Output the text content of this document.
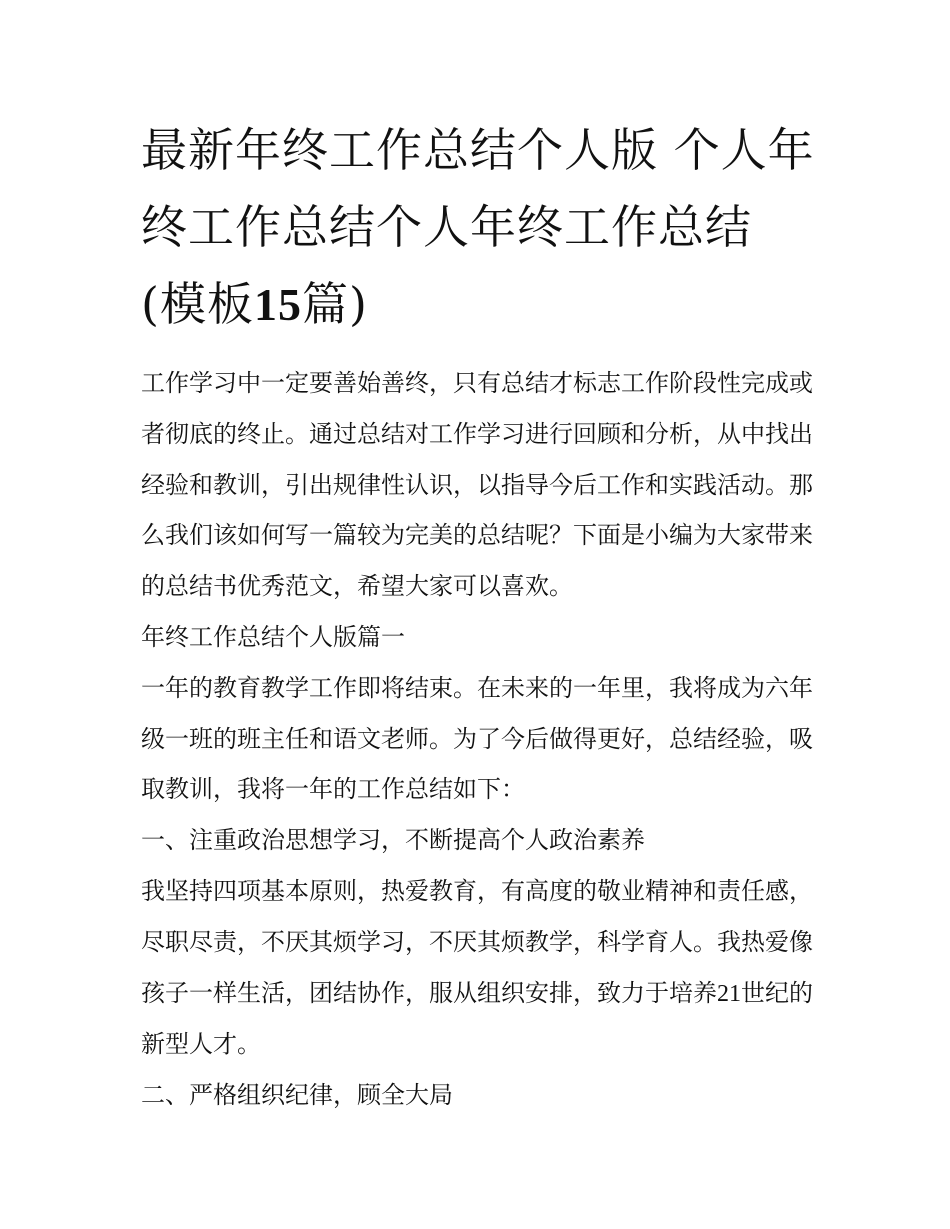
最新年终工作总结个人版 个人年终工作总结个人年终工作总结(模板15篇)

工作学习中一定要善始善终，只有总结才标志工作阶段性完成或者彻底的终止。通过总结对工作学习进行回顾和分析，从中找出经验和教训，引出规律性认识，以指导今后工作和实践活动。那么我们该如何写一篇较为完美的总结呢？下面是小编为大家带来的总结书优秀范文，希望大家可以喜欢。

年终工作总结个人版篇一

一年的教育教学工作即将结束。在未来的一年里，我将成为六年级一班的班主任和语文老师。为了今后做得更好，总结经验，吸取教训，我将一年的工作总结如下：

一、注重政治思想学习，不断提高个人政治素养

我坚持四项基本原则，热爱教育，有高度的敬业精神和责任感，尽职尽责，不厌其烦学习，不厌其烦教学，科学育人。我热爱像孩子一样生活，团结协作，服从组织安排，致力于培养21世纪的新型人才。

二、严格组织纪律，顾全大局
